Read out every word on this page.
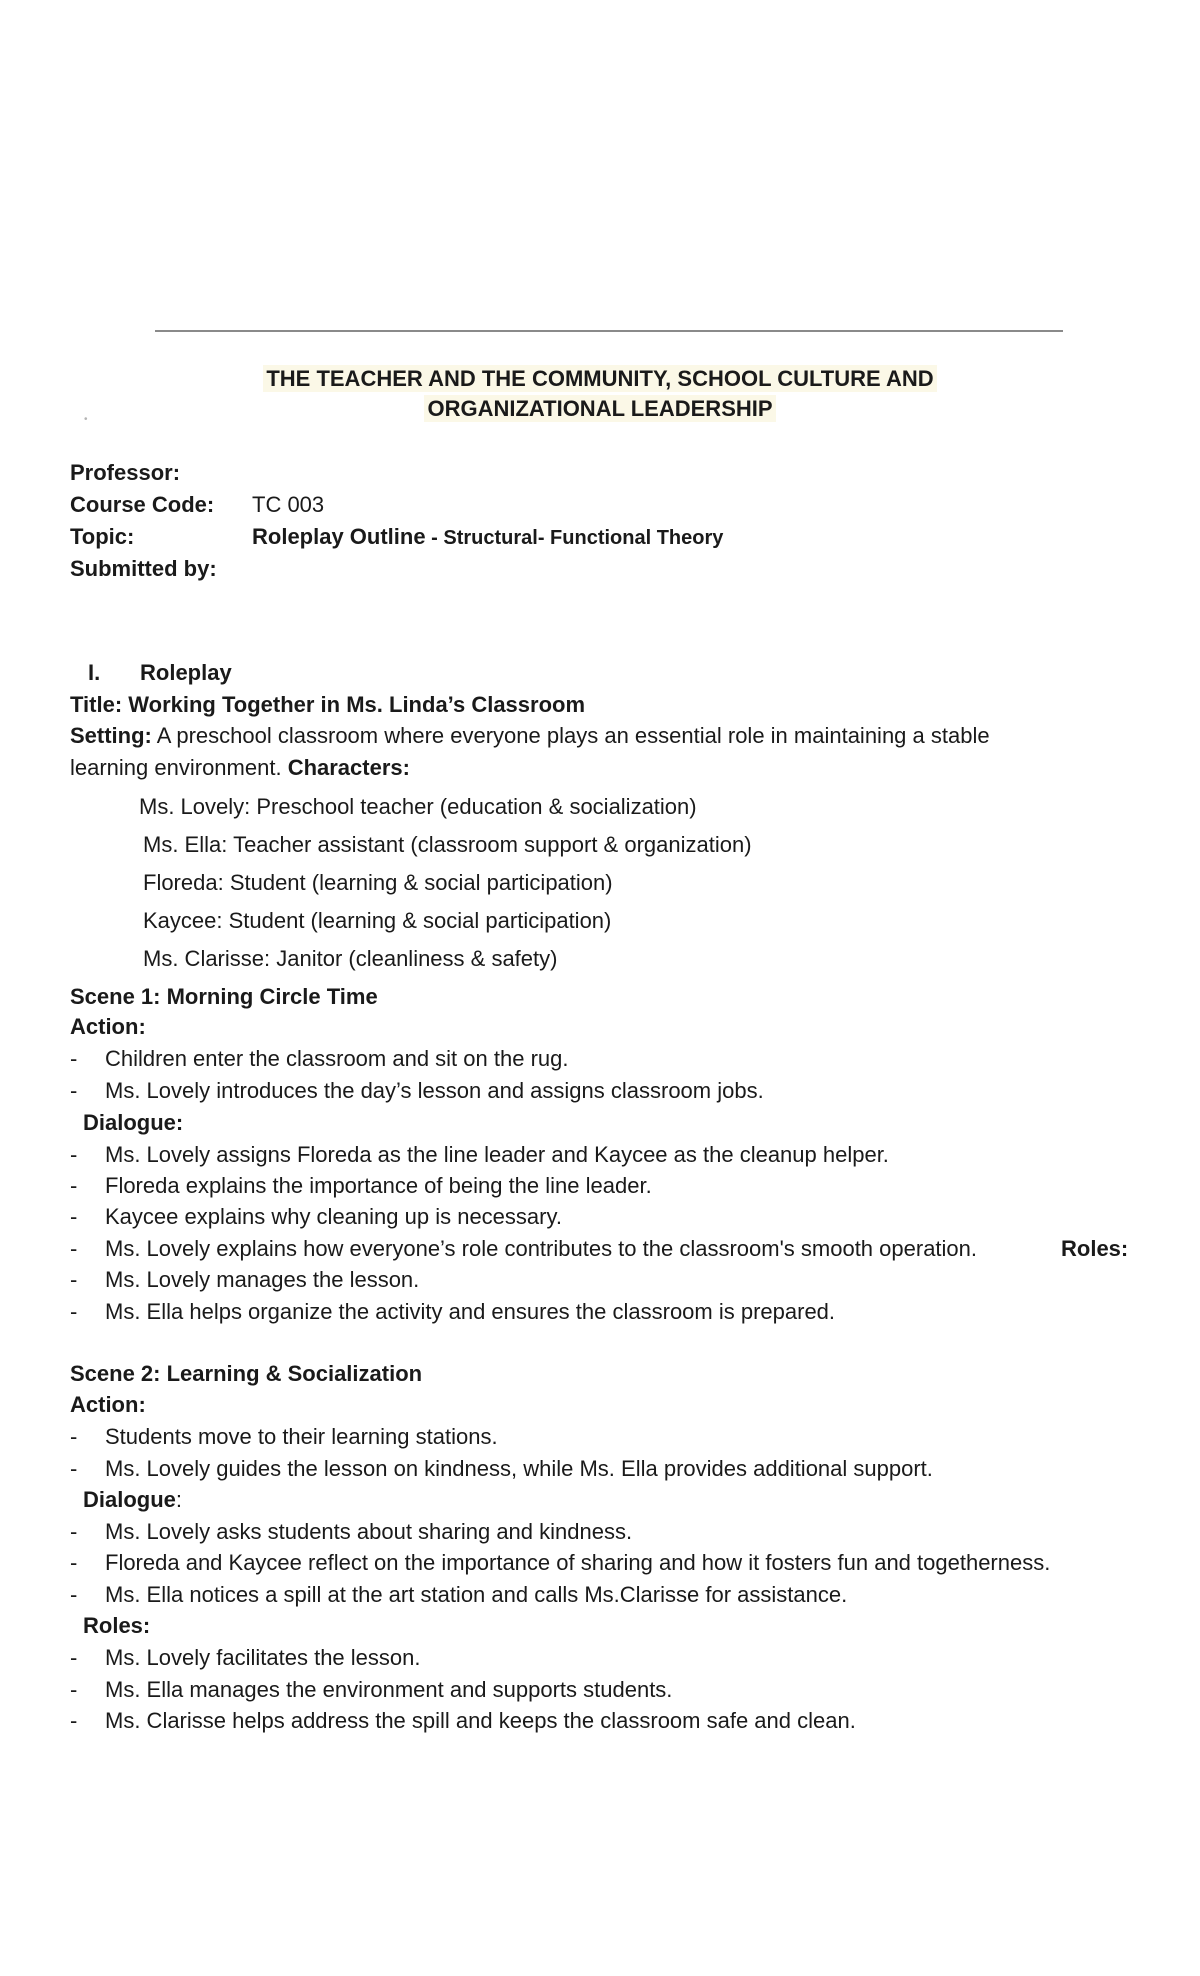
THE TEACHER AND THE COMMUNITY, SCHOOL CULTURE AND
ORGANIZATIONAL LEADERSHIP
•
Professor:
Course Code: TC 003
Topic:	Roleplay Outline - Structural- Functional Theory
Submitted by:
I. Roleplay
Title: Working Together in Ms. Linda’s Classroom
Setting: A preschool classroom where everyone plays an essential role in maintaining a stable
learning environment. Characters:
Ms. Lovely: Preschool teacher (education & socialization)
Ms. Ella: Teacher assistant (classroom support & organization)
Floreda: Student (learning & social participation)
Kaycee: Student (learning & social participation)
Ms. Clarisse: Janitor (cleanliness & safety)
Scene 1: Morning Circle Time
Action:
- Children enter the classroom and sit on the rug.
- Ms. Lovely introduces the day’s lesson and assigns classroom jobs.
Dialogue:
- Ms. Lovely assigns Floreda as the line leader and Kaycee as the cleanup helper.
- Floreda explains the importance of being the line leader.
- Kaycee explains why cleaning up is necessary.
- Ms. Lovely explains how everyone’s role contributes to the classroom's smooth operation.	Roles:
- Ms. Lovely manages the lesson.
- Ms. Ella helps organize the activity and ensures the classroom is prepared.
Scene 2: Learning & Socialization
Action:
- Students move to their learning stations.
- Ms. Lovely guides the lesson on kindness, while Ms. Ella provides additional support.
Dialogue:
- Ms. Lovely asks students about sharing and kindness.
- Floreda and Kaycee reflect on the importance of sharing and how it fosters fun and togetherness.
- Ms. Ella notices a spill at the art station and calls Ms.Clarisse for assistance.
Roles:
- Ms. Lovely facilitates the lesson.
- Ms. Ella manages the environment and supports students.
- Ms. Clarisse helps address the spill and keeps the classroom safe and clean.
